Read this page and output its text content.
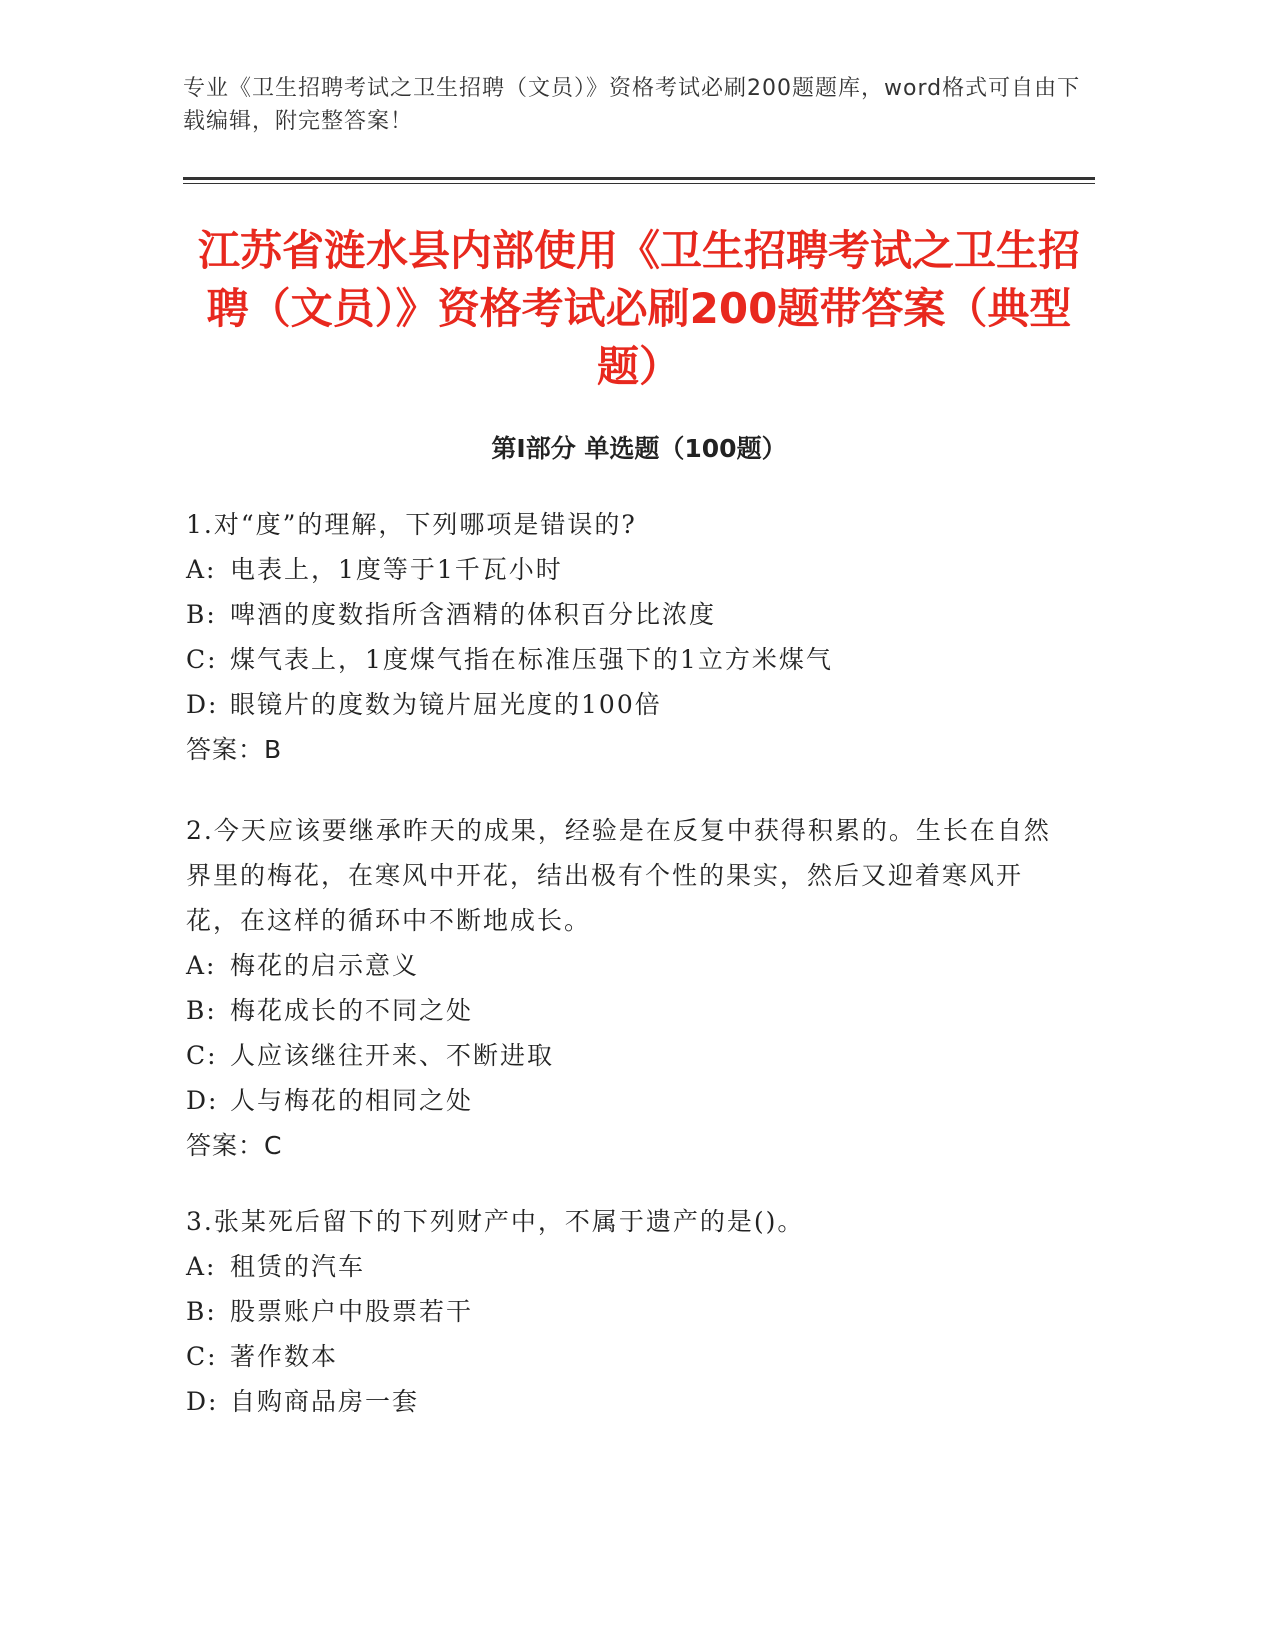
专业《卫生招聘考试之卫生招聘（文员）》资格考试必刷200题题库，word格式可自由下载编辑，附完整答案！
江苏省涟水县内部使用《卫生招聘考试之卫生招聘（文员）》资格考试必刷200题带答案（典型题）
第Ⅰ部分 单选题（100题）

1.对“度”的理解，下列哪项是错误的?

A: 电表上，1度等于1千瓦小时

B: 啤酒的度数指所含酒精的体积百分比浓度

C: 煤气表上，1度煤气指在标准压强下的1立方米煤气

D: 眼镜片的度数为镜片屈光度的100倍

答案：B

2.今天应该要继承昨天的成果，经验是在反复中获得积累的。生长在自然界里的梅花，在寒风中开花，结出极有个性的果实，然后又迎着寒风开花，在这样的循环中不断地成长。

A: 梅花的启示意义

B: 梅花成长的不同之处

C: 人应该继往开来、不断进取

D: 人与梅花的相同之处

答案：C

3.张某死后留下的下列财产中，不属于遗产的是()。

A: 租赁的汽车

B: 股票账户中股票若干

C: 著作数本

D: 自购商品房一套
